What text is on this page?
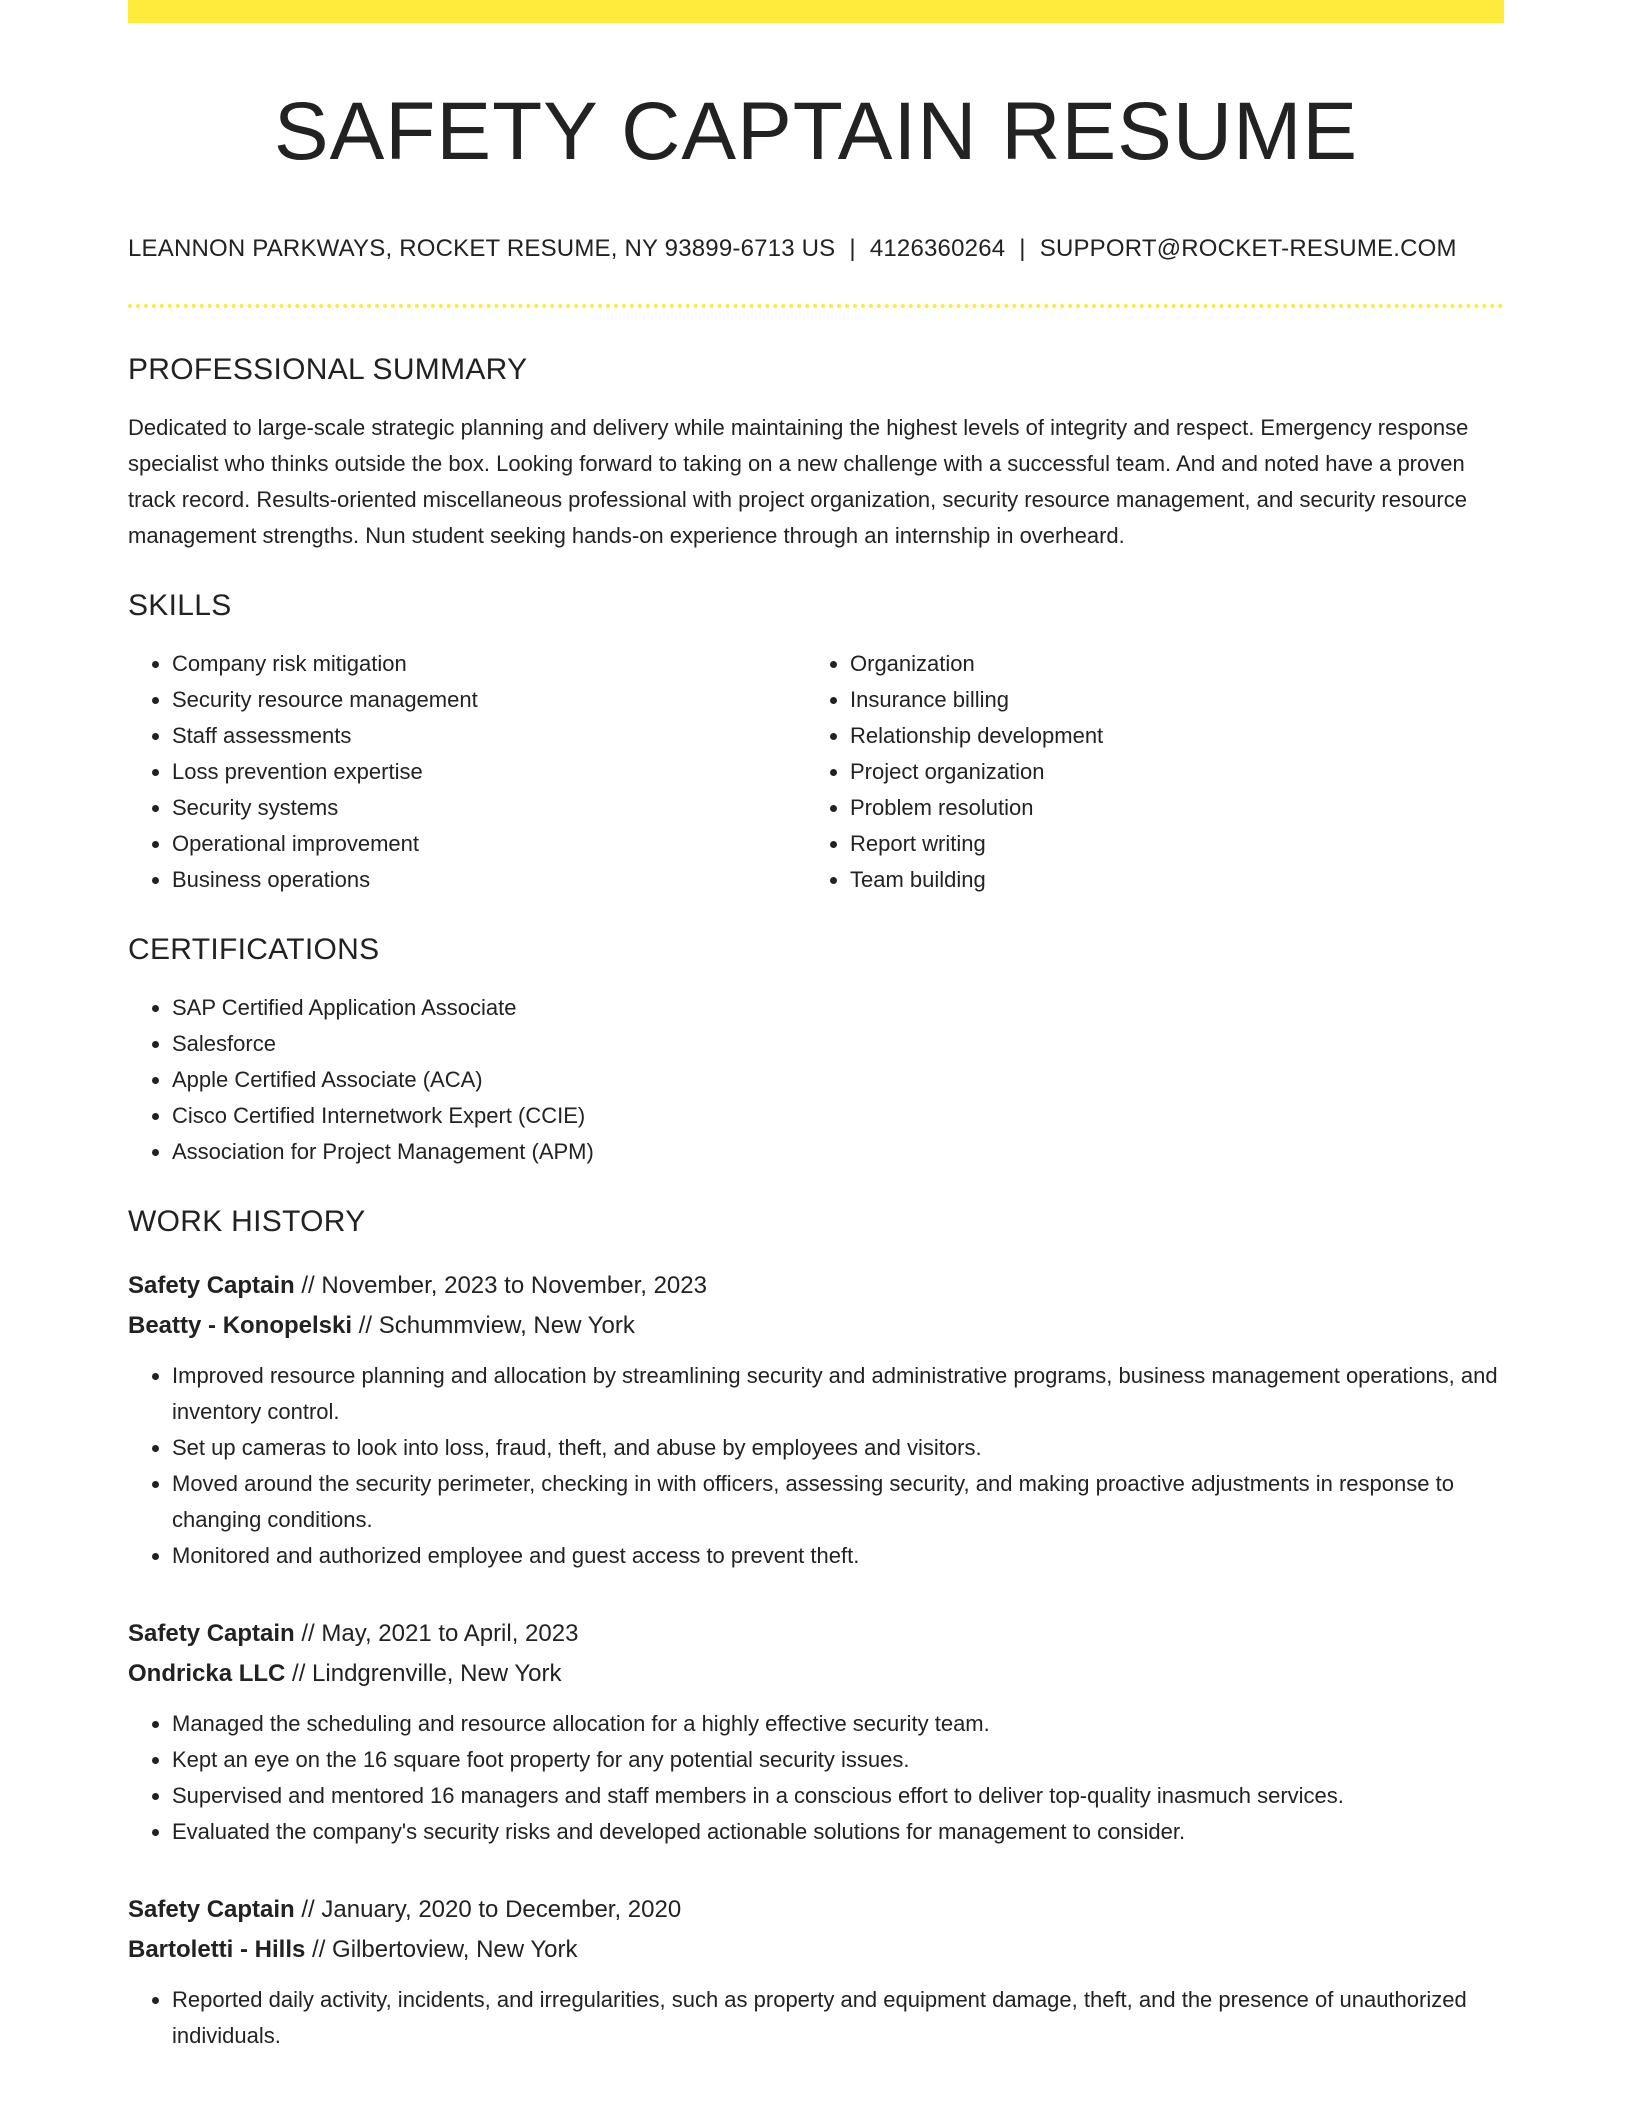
SAFETY CAPTAIN RESUME
LEANNON PARKWAYS, ROCKET RESUME, NY 93899-6713 US | 4126360264 | SUPPORT@ROCKET-RESUME.COM
PROFESSIONAL SUMMARY

Dedicated to large-scale strategic planning and delivery while maintaining the highest levels of integrity and respect. Emergency response specialist who thinks outside the box. Looking forward to taking on a new challenge with a successful team. And and noted have a proven track record. Results-oriented miscellaneous professional with project organization, security resource management, and security resource management strengths. Nun student seeking hands-on experience through an internship in overheard.

SKILLS
• Company risk mitigation
• Security resource management
• Staff assessments
• Loss prevention expertise
• Security systems
• Operational improvement
• Business operations
• Organization
• Insurance billing
• Relationship development
• Project organization
• Problem resolution
• Report writing
• Team building
CERTIFICATIONS
• SAP Certified Application Associate
• Salesforce
• Apple Certified Associate (ACA)
• Cisco Certified Internetwork Expert (CCIE)
• Association for Project Management (APM)
WORK HISTORY
Safety Captain // November, 2023 to November, 2023
Beatty - Konopelski // Schummview, New York
• Improved resource planning and allocation by streamlining security and administrative programs, business management operations, and inventory control.
• Set up cameras to look into loss, fraud, theft, and abuse by employees and visitors.
• Moved around the security perimeter, checking in with officers, assessing security, and making proactive adjustments in response to changing conditions.
• Monitored and authorized employee and guest access to prevent theft.
Safety Captain // May, 2021 to April, 2023
Ondricka LLC // Lindgrenville, New York
• Managed the scheduling and resource allocation for a highly effective security team.
• Kept an eye on the 16 square foot property for any potential security issues.
• Supervised and mentored 16 managers and staff members in a conscious effort to deliver top-quality inasmuch services.
• Evaluated the company's security risks and developed actionable solutions for management to consider.
Safety Captain // January, 2020 to December, 2020
Bartoletti - Hills // Gilbertoview, New York
• Reported daily activity, incidents, and irregularities, such as property and equipment damage, theft, and the presence of unauthorized individuals.
